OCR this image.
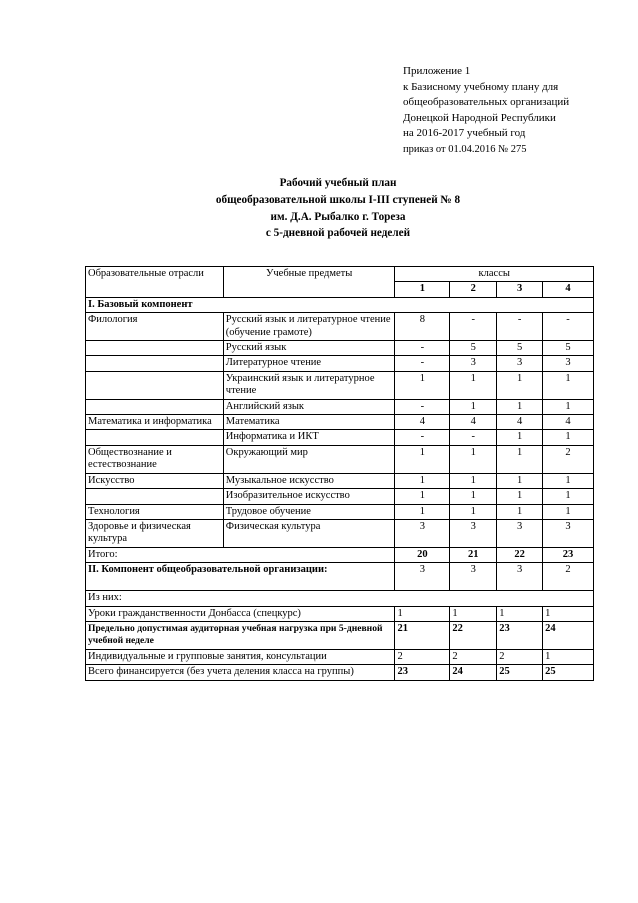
Приложение 1
к Базисному учебному плану для
общеобразовательных организаций
Донецкой Народной Республики
на 2016-2017 учебный год
приказ от 01.04.2016 № 275
Рабочий учебный план
общеобразовательной школы I-III ступеней № 8
им. Д.А. Рыбалко г. Тореза
с 5-дневной рабочей неделей
Образовательные отрасли	Учебные предметы	классы			
		1	2	3	4
I. Базовый компонент					
Филология	Русский язык и литературное чтение (обучение грамоте)	8	-	-	-
	Русский язык	-	5	5	5
	Литературное чтение	-	3	3	3
	Украинский язык и литературное чтение	1	1	1	1
	Английский язык	-	1	1	1
Математика и информатика	Математика	4	4	4	4
	Информатика и ИКТ	-	-	1	1
Обществознание и естествознание	Окружающий мир	1	1	1	2
Искусство	Музыкальное искусство	1	1	1	1
	Изобразительное искусство	1	1	1	1
Технология	Трудовое обучение	1	1	1	1
Здоровье и физическая культура	Физическая культура	3	3	3	3
Итого:		20	21	22	23
II. Компонент общеобразовательной организации:		3	3	3	2
Из них:					
Уроки гражданственности Донбасса (спецкурс)		1	1	1	1
Предельно допустимая аудиторная учебная нагрузка при 5-дневной учебной неделе		21	22	23	24
Индивидуальные и групповые занятия, консультации		2	2	2	1
Всего финансируется (без учета деления класса на группы)		23	24	25	25
